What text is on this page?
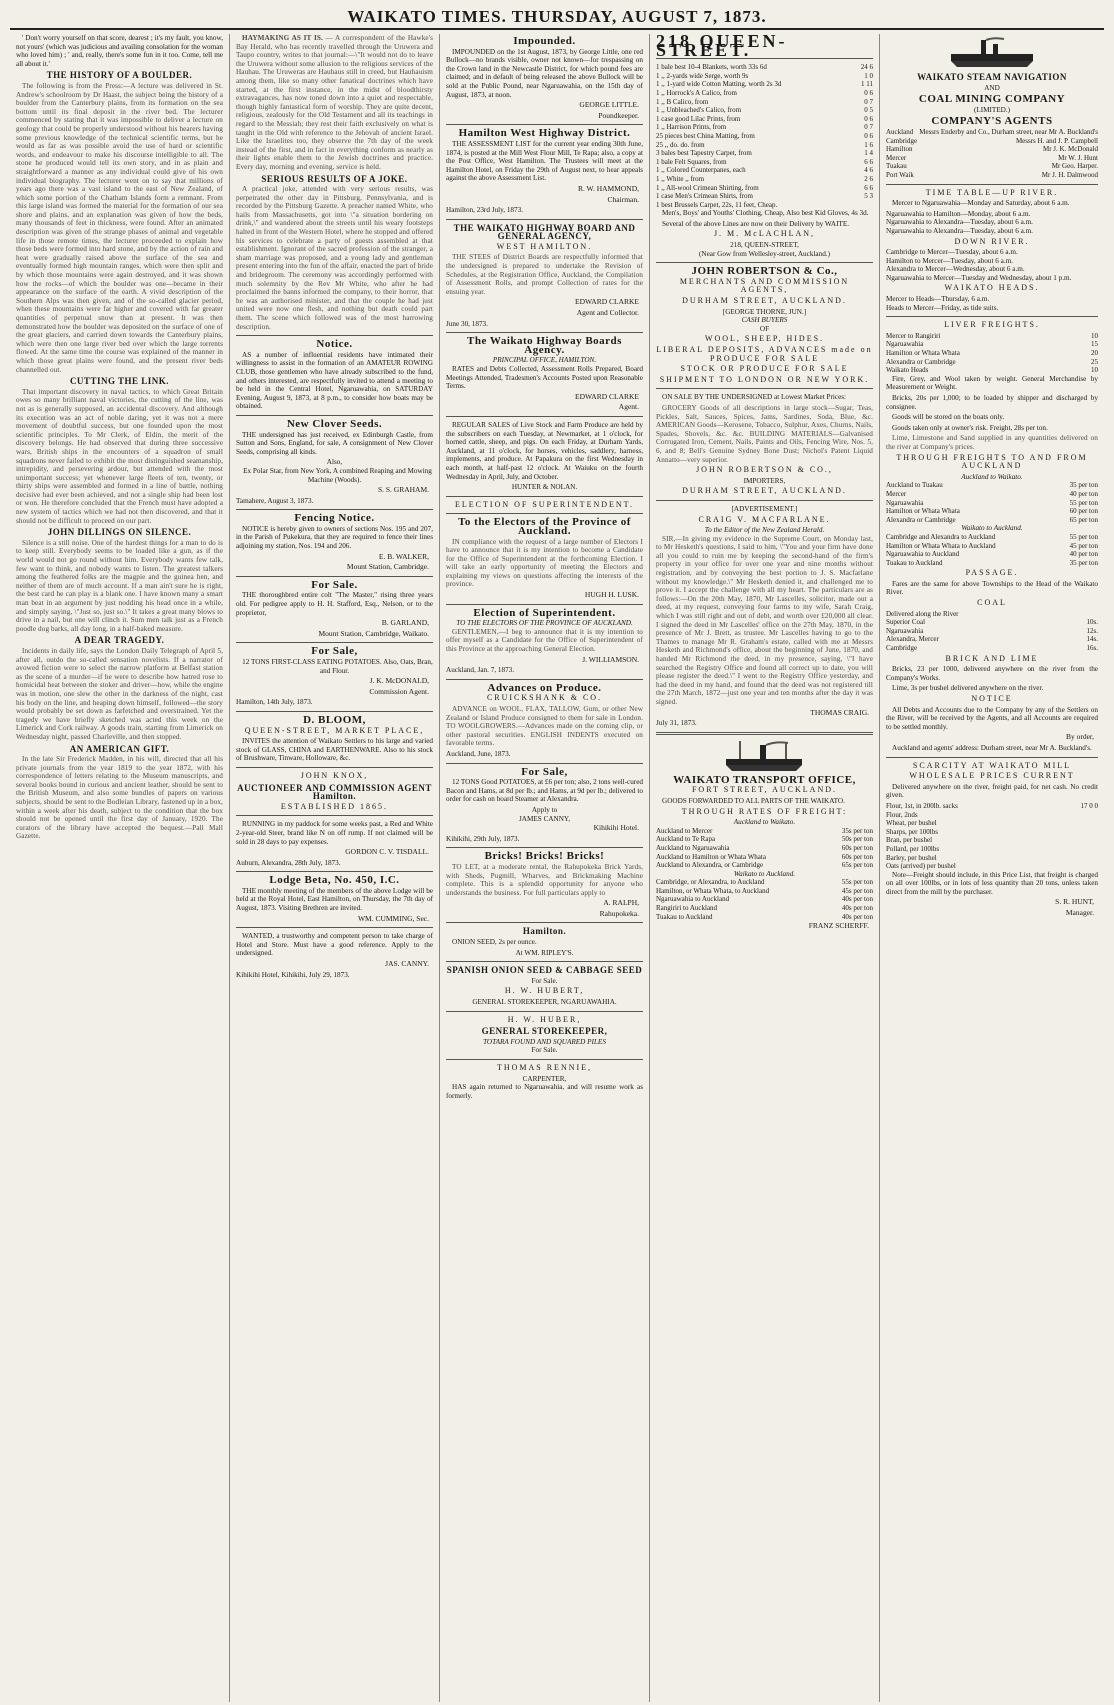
WAIKATO TIMES. THURSDAY, AUGUST 7, 1873.

' Don't worry yourself on that score, dearest ; it's my fault, you know, not yours' (which was judicious and availing consolation for the woman who loved him) ; ' and, really, there's some fun in it too. Come, tell me all about it.'

THE HISTORY OF A BOULDER.

The following is from the Press:—A lecture was delivered in St. Andrew's schoolroom by Dr Haast, the subject being the history of a boulder from the Canterbury plains, from its formation on the sea bottom until its final deposit in the river bed. The lecturer commenced by stating that it was impossible to deliver a lecture on geology that could be properly understood without his hearers having some previous knowledge of the technical scientific terms, but he would as far as was possible avoid the use of hard or scientific words, and endeavour to make his discourse intelligible to all. The stone he produced would tell its own story, and in as plain and straightforward a manner as any individual could give of his own individual biography. The lecturer went on to say that millions of years ago there was a vast island to the east of New Zealand, of which some portion of the Chatham Islands form a remnant. From this large island was formed the material for the formation of our sea shore and plains, and an explanation was given of how the beds, many thousands of feet in thickness, were found. After an animated description was given of the strange phases of animal and vegetable life in those remote times, the lecturer proceeded to explain how those beds were formed into hard stone, and by the action of rain and heat were gradually raised above the surface of the sea and eventually formed high mountain ranges, which were then split and by which those mountains were again destroyed, and it was shown how the rocks—of which the boulder was one—became in their appearance on the surface of the earth. A vivid description of the Southern Alps was then given, and of the so-called glacier period, when these mountains were far higher and covered with far greater quantities of perpetual snow than at present. It was then demonstrated how the boulder was deposited on the surface of one of the great glaciers, and carried down towards the Canterbury plains, which were then one large river bed over which the large torrents flowed. At the same time the course was explained of the manner in which those great plains were found, and the present river beds channelled out.

CUTTING THE LINK.

That important discovery in naval tactics, to which Great Britain owes so many brilliant naval victories, the cutting of the line, was not as is generally supposed, an accidental discovery. And although its execution was an act of noble daring, yet it was not a mere movement of doubtful success, but one founded upon the most scientific principles. To Mr Clerk, of Eldin, the merit of the discovery belongs. He had observed that during three successive wars, British ships in the encounters of a squadron of small squadrons never failed to exhibit the most distinguished seamanship, intrepidity, and persevering ardour, but attended with the most unimportant success; yet whenever large fleets of ten, twenty, or thirty ships were assembled and formed in a line of battle, nothing decisive had ever been achieved, and not a single ship had been lost or won. He therefore concluded that the French must have adopted a new system of tactics which we had not then discovered, and that it should not be difficult to proceed on our part.

JOHN DILLINGS ON SILENCE.

Silence is a still noise. One of the hardest things for a man to do is to keep still. Everybody seems to be loaded like a gun, as if the world would not go round without him. Everybody wants few talk, few want to think, and nobody wants to listen. The greatest talkers among the feathered folks are the magpie and the guinea hen, and neither of them are of much account. If a man ain't sure he is right, the best card he can play is a blank one. I have known many a smart man beat in an argument by just nodding his head once in a while, and simply saying, \"Just so, just so.\" It takes a great many blows to drive in a nail, but one will clinch it. Sum men talk just as a French poodle dog barks, all day long, in a half-baked measure.

A DEAR TRAGEDY.

Incidents in daily life, says the London Daily Telegraph of April 5, after all, outdo the so-called sensation novelists. If a narrator of avowed fiction were to select the narrow platform at Belfast station as the scene of a murder—if he were to describe how hatred rose to homicidal heat between the stoker and driver—how, while the engine was in motion, one slew the other in the darkness of the night, cast his body on the line, and heaping down himself, followed—the story would probably be set down as farfetched and overstrained. Yet the tragedy we have briefly sketched was acted this week on the Limerick and Cork railway. A goods train, starting from Limerick on Wednesday night, passed Charleville, and then stopped.

AN AMERICAN GIFT.

In the late Sir Frederick Madden, in his will, directed that all his private journals from the year 1819 to the year 1872, with his correspondence of letters relating to the Museum manuscripts, and several books bound in curious and ancient leather, should be sent to the British Museum, and also some bundles of papers on various subjects, should be sent to the Bodleian Library, fastened up in a box, within a week after his death, subject to the condition that the box should not be opened until the first day of January, 1920. The curators of the library have accepted the bequest.—Pall Mall Gazette.

HAYMAKING AS IT IS. — A correspondent of the Hawke's Bay Herald, who has recently travelled through the Uruwera and Taupo country, writes to that journal:—\"It would not do to leave the Uruwera without some allusion to the religious services of the Hauhau. The Uruweras are Hauhaus still in creed, but Hauhauism among them, like so many other fanatical doctrines which have started, at the first instance, in the midst of bloodthirsty extravagances, has now toned down into a quiet and respectable, though highly fantastical form of worship. They are quite decent, religious, zealously for the Old Testament and all its teachings in regard to the Messiah; they rest their faith exclusively on what is taught in the Old with reference to the Jehovah of ancient Israel. Like the Israelites too, they observe the 7th day of the week instead of the first, and in fact in everything conform as nearly as their lights enable them to the Jewish doctrines and practice. Every day, morning and evening, service is held.

SERIOUS RESULTS OF A JOKE.

A practical joke, attended with very serious results, was perpetrated the other day in Pittsburg, Pennsylvania, and is recorded by the Pittsburg Gazette. A preacher named White, who hails from Massachusetts, got into \"a situation bordering on drink,\" and wandered about the streets until his weary footsteps halted in front of the Western Hotel, where he stopped and offered his services to celebrate a party of guests assembled at that establishment. Ignorant of the sacred profession of the stranger, a sham marriage was proposed, and a young lady and gentleman present entering into the fun of the affair, enacted the part of bride and bridegroom. The ceremony was accordingly performed with much solemnity by the Rev Mr White, who after he had proclaimed the banns informed the company, to their horror, that he was an authorised minister, and that the couple he had just united were now one flesh, and nothing but death could part them. The scene which followed was of the most harrowing description.

Notice.

AS a number of influential residents have intimated their willingness to assist in the formation of an AMATEUR ROWING CLUB, those gentlemen who have already subscribed to the fund, and others interested, are respectfully invited to attend a meeting to be held in the Central Hotel, Ngaruawahia, on SATURDAY Evening, August 9, 1873, at 8 p.m., to consider how boats may be obtained.

New Clover Seeds.

THE undersigned has just received, ex Edinburgh Castle, from Sutton and Sons, England, for sale, A consignment of New Clover Seeds, comprising all kinds.

Also,

Ex Polar Star, from New York, A combined Reaping and Mowing Machine (Woods).

S. S. GRAHAM.
Tamahere, August 3, 1873.
Fencing Notice.

NOTICE is hereby given to owners of sections Nos. 195 and 207, in the Parish of Pukekura, that they are required to fence their lines adjoining my station, Nos. 194 and 206.

E. B. WALKER,
Mount Station, Cambridge.
For Sale.

THE thoroughbred entire colt "The Master," rising three years old. For pedigree apply to H. H. Stafford, Esq., Nelson, or to the proprietor,

B. GARLAND,
Mount Station, Cambridge, Waikato.
For Sale,

12 TONS FIRST-CLASS EATING POTATOES. Also, Oats, Bran, and Flour.

J. K. McDONALD,
Commission Agent.
Hamilton, 14th July, 1873.
D. BLOOM,
QUEEN-STREET, MARKET PLACE,

INVITES the attention of Waikato Settlers to his large and varied stock of GLASS, CHINA and EARTHENWARE. Also to his stock of Brushware, Tinware, Holloware, &c.

JOHN KNOX,
AUCTIONEER AND COMMISSION AGENT Hamilton.
ESTABLISHED 1865.

RUNNING in my paddock for some weeks past, a Red and White 2-year-old Steer, brand like N on off rump. If not claimed will be sold in 28 days to pay expenses.

GORDON C. V. TISDALL.
Auburn, Alexandra, 28th July, 1873.
Lodge Beta, No. 450, I.C.

THE monthly meeting of the members of the above Lodge will be held at the Royal Hotel, East Hamilton, on Thursday, the 7th day of August, 1873. Visiting Brethren are invited.

WM. CUMMING, Sec.

WANTED, a trustworthy and competent person to take charge of Hotel and Store. Must have a good reference. Apply to the undersigned.

JAS. CANNY.
Kihikihi Hotel, Kihikihi, July 29, 1873.
Impounded.

IMPOUNDED on the 1st August, 1873, by George Little, one red Bullock—no brands visible, owner not known—for trespassing on the Crown land in the Newcastle District, for which pound fees are claimed; and in default of being released the above Bullock will be sold at the Public Pound, near Ngaruawahia, on the 15th day of August, 1873, at noon.

GEORGE LITTLE.
Poundkeeper.
Hamilton West Highway District.

THE ASSESSMENT LIST for the current year ending 30th June, 1874, is posted at the Mill West Flour Mill, Te Rapa; also, a copy at the Post Office, West Hamilton. The Trustees will meet at the Hamilton Hotel, on Friday the 29th of August next, to hear appeals against the above Assessment List.

R. W. HAMMOND,
Chairman.
Hamilton, 23rd July, 1873.
THE WAIKATO HIGHWAY BOARD AND GENERAL AGENCY,
WEST HAMILTON.

THE STEES of District Boards are respectfully informed that the undersigned is prepared to undertake the Revision of Schedules, at the Registration Office, Auckland, the Compilation of Assessment Rolls, and prompt Collection of rates for the ensuing year.

EDWARD CLARKE
Agent and Collector.
June 30, 1873.
The Waikato Highway Boards Agency.
PRINCIPAL OFFICE, HAMILTON.

RATES and Debts Collected, Assessment Rolls Prepared, Board Meetings Attended, Tradesmen's Accounts Posted upon Reasonable Terms.

EDWARD CLARKE
Agent.

REGULAR SALES of Live Stock and Farm Produce are held by the subscribers on each Tuesday, at Newmarket, at 1 o'clock, for horned cattle, sheep, and pigs. On each Friday, at Durham Yards, Auckland, at 11 o'clock, for horses, vehicles, saddlery, harness, implements, and produce. At Papakura on the first Wednesday in each month, at half-past 12 o'clock. At Waiuku on the fourth Wednesday in April, July, and October.

HUNTER & NOLAN.
ELECTION OF SUPERINTENDENT.
To the Electors of the Province of Auckland.

IN compliance with the request of a large number of Electors I have to announce that it is my intention to become a Candidate for the Office of Superintendent at the forthcoming Election. I will take an early opportunity of meeting the Electors and explaining my views on questions affecting the interests of the province.

HUGH H. LUSK.
Election of Superintendent.
TO THE ELECTORS OF THE PROVINCE OF AUCKLAND.

GENTLEMEN,—I beg to announce that it is my intention to offer myself as a Candidate for the Office of Superintendent of this Province at the approaching General Election.

J. WILLIAMSON.
Auckland, Jan. 7, 1873.
Advances on Produce.
CRUICKSHANK & CO.

ADVANCE on WOOL, FLAX, TALLOW, Gum, or other New Zealand or Island Produce consigned to them for sale in London. TO WOOLGROWERS.—Advances made on the coming clip, or other pastoral securities. ENGLISH INDENTS executed on favorable terms.

Auckland, June, 1873.
For Sale,

12 TONS Good POTATOES, at £6 per ton; also, 2 tons well-cured Bacon and Hams, at 8d per lb.; and Hams, at 9d per lb.; delivered to order for cash on board Steamer at Alexandra.

Apply to
JAMES CANNY,
Kihikihi Hotel.
Kihikihi, 29th July, 1873.
Bricks! Bricks! Bricks!

TO LET, at a moderate rental, the Rahupokeka Brick Yards, with Sheds, Pugmill, Wharves, and Brickmaking Machine complete. This is a splendid opportunity for anyone who understands the business. For full particulars apply to

A. RALPH,
Rahupokeka.
Hamilton.

ONION SEED, 2s per ounce.

At WM. RIPLEY'S.
SPANISH ONION SEED & CABBAGE SEED
For Sale.
H. W. HUBERT,
GENERAL STOREKEEPER, NGARUAWAHIA.
H. W. HUBER,
GENERAL STOREKEEPER,
TOTARA FOUND AND SQUARED PILES
For Sale.
THOMAS RENNIE,
CARPENTER,

HAS again returned to Ngaruawahia, and will resume work as formerly.

218 QUEEN-STREET.
1 bale best 10-4 Blankets, worth 33s 6d	24 6
1 ,, 2-yards wide Serge, worth 9s	1 0
1 ,, 1-yard wide Cotton Matting, worth 2s 3d	1 11
1 ,, Horrock's A Calico, from	0 6
1 ,, B Calico, from	0 7
1 ,, Unbleached's Calico, from	0 5
1 case good Lilac Prints, from	0 6
1 ,, Harrison Prints, from	0 7
25 pieces best China Matting, from	0 6
25 ,, do. do. from	1 6
3 bales best Tapestry Carpet, from	1 4
1 bale Felt Squares, from	6 6
1 ,, Colored Counterpanes, each	4 6
1 ,, White ,, from	2 6
1 ,, All-wool Crimean Shirting, from	6 6
1 case Men's Crimean Shirts, from	5 3
1 best Brussels Carpet, 22s, 11 feet, Cheap.

Men's, Boys' and Youths' Clothing, Cheap, Also best Kid Gloves, 4s 3d.

Several of the above Lines are now on their Delivery by WAITE.

J. M. McLACHLAN,
218, QUEEN-STREET,
(Near Gow from Wellesley-street, Auckland.)
JOHN ROBERTSON & Co.,
MERCHANTS AND COMMISSION AGENTS,
DURHAM STREET, AUCKLAND.
[GEORGE THORNE, JUN.]
CASH BUYERS
OF
WOOL, SHEEP, HIDES.
LIBERAL DEPOSITS, ADVANCES made on PRODUCE FOR SALE
STOCK OR PRODUCE FOR SALE
SHIPMENT TO LONDON OR NEW YORK.

ON SALE BY THE UNDERSIGNED at Lowest Market Prices:

GROCERY Goods of all descriptions in large stock—Sugar, Teas, Pickles, Salt, Sauces, Spices, Jams, Sardines, Soda, Blue, &c. AMERICAN Goods—Kerosene, Tobacco, Sulphur, Axes, Churns, Nails, Spades, Shovels, &c. &c. BUILDING MATERIALS—Galvanised Corrugated Iron, Cement, Nails, Paints and Oils, Fencing Wire, Nos. 5, 6, and 8; Bell's Genuine Sydney Bone Dust; Nichol's Patent Liquid Annatto—very superior.

JOHN ROBERTSON & CO.,
IMPORTERS,
DURHAM STREET, AUCKLAND.
[ADVERTISEMENT.]
CRAIG V. MACFARLANE.
To the Editor of the New Zealand Herald.

SIR,—In giving my evidence in the Supreme Court, on Monday last, to Mr Hesketh's questions, I said to him, \"You and your firm have done all you could to ruin me by keeping the second-hand of the firm's property in your office for over one year and nine months without registration, and by conveying the best portion to J. S. Macfarlane without my knowledge.\" Mr Hesketh denied it, and challenged me to prove it. I accept the challenge with all my heart. The particulars are as follows:—On the 20th May, 1870, Mr Lascelles, solicitor, made out a deed, at my request, conveying four farms to my wife, Sarah Craig, which I was still right and out of debt, and worth over £20,000 all clear. I signed the deed in Mr Lascelles' office on the 27th May, 1870, in the presence of Mr J. Brett, as trustee. Mr Lascelles having to go to the Thames to manage Mr R. Graham's estate, called with me at Messrs Hesketh and Richmond's office, about the beginning of June, 1870, and handed Mr Richmond the deed, in my presence, saying, \"I have searched the Registry Office and found all correct up to date, you will please register the deed.\" I went to the Registry Office yesterday, and had the deed in my hand, and found that the deed was not registered till the 27th March, 1872—just one year and ten months after the day it was signed.

THOMAS CRAIG.
July 31, 1873.
WAIKATO TRANSPORT OFFICE,
FORT STREET, AUCKLAND.

GOODS FORWARDED TO ALL PARTS OF THE WAIKATO.

THROUGH RATES OF FREIGHT:
Auckland to Waikato.
Auckland to Mercer	35s per ton
Auckland to Te Rapa	50s per ton
Auckland to Ngaruawahia	60s per ton
Auckland to Hamilton or Whata Whata	60s per ton
Auckland to Alexandra, or Cambridge	65s per ton
Waikato to Auckland.
Cambridge, or Alexandra, to Auckland	55s per ton
Hamilton, or Whata Whata, to Auckland	45s per ton
Ngaruawahia to Auckland	40s per ton
Rangiriri to Auckland	40s per ton
Tuakau to Auckland	40s per ton
FRANZ SCHERFF.
WAIKATO STEAM NAVIGATION
AND
COAL MINING COMPANY
(LIMITED.)
COMPANY'S AGENTS
Auckland Messrs Enderby and Co., Durham street, near Mr A. Buckland's
Cambridge	Messrs H. and J. P. Campbell
Hamilton	Mr J. K. McDonald
Mercer	Mr W. J. Hunt
Tuakau	Mr Geo. Harper.
Port Waik	Mr J. H. Dalmwood
TIME TABLE—UP RIVER.

Mercer to Ngaruawahia—Monday and Saturday, about 6 a.m.

Ngaruawahia to Hamilton—Monday, about 6 a.m.
Ngaruawahia to Alexandra—Tuesday, about 6 a.m.
Ngaruawahia to Alexandra—Tuesday, about 6 a.m.
DOWN RIVER.
Cambridge to Mercer—Tuesday, about 6 a.m.
Hamilton to Mercer—Tuesday, about 6 a.m.
Alexandra to Mercer—Wednesday, about 6 a.m.
Ngaruawahia to Mercer—Tuesday and Wednesday, about 1 p.m.
WAIKATO HEADS.
Mercer to Heads—Thursday, 6 a.m.
Heads to Mercer—Friday, as tide suits.
LIVER FREIGHTS.
Mercer to Rangiriri	10
Ngaruawahia	15
Hamilton or Whata Whata	20
Alexandra or Cambridge	25
Waikato Heads	10

Fire, Grey, and Wool taken by weight. General Merchandise by Measurement or Weight.

Bricks, 20s per 1,000; to be loaded by shipper and discharged by consignee.

Goods will be stored on the boats only.

Goods taken only at owner's risk. Freight, 28s per ton.

Lime, Limestone and Sand supplied in any quantities delivered on the river at Company's prices.

THROUGH FREIGHTS TO AND FROM AUCKLAND
Auckland to Waikato.
Auckland to Tuakau	35 per ton
Mercer	40 per ton
Ngaruawahia	55 per ton
Hamilton or Whata Whata	60 per ton
Alexandra or Cambridge	65 per ton
Waikato to Auckland.
Cambridge and Alexandra to Auckland	55 per ton
Hamilton or Whata Whata to Auckland	45 per ton
Ngaruawahia to Auckland	40 per ton
Tuakau to Auckland	35 per ton
PASSAGE.

Fares are the same for above Townships to the Head of the Waikato River.

COAL
Delivered along the River
Superior Coal	10s.
Ngaruawahia	12s.
Alexandra, Mercer	14s.
Cambridge	16s.
BRICK AND LIME

Bricks, 23 per 1000, delivered anywhere on the river from the Company's Works.

Lime, 3s per bushel delivered anywhere on the river.

NOTICE

All Debts and Accounts due to the Company by any of the Settlers on the River, will be received by the Agents, and all Accounts are required to be settled monthly.

By order,

Auckland and agents' address: Durham street, near Mr A. Buckland's.

SCARCITY AT WAIKATO MILL
WHOLESALE PRICES CURRENT

Delivered anywhere on the river, freight paid, for net cash. No credit given.

Flour, 1st, in 200lb. sacks	17 0 0
Flour, 2nds
Wheat, per bushel
Sharps, per 100lbs
Bran, per bushel
Pollard, per 100lbs
Barley, per bushel
Oats (arrived) per bushel

Note—Freight should include, in this Price List, that freight is charged on all over 100lbs, or in lots of less quantity than 20 tons, unless taken direct from the mill by the purchaser.

S. R. HUNT,
Manager.
